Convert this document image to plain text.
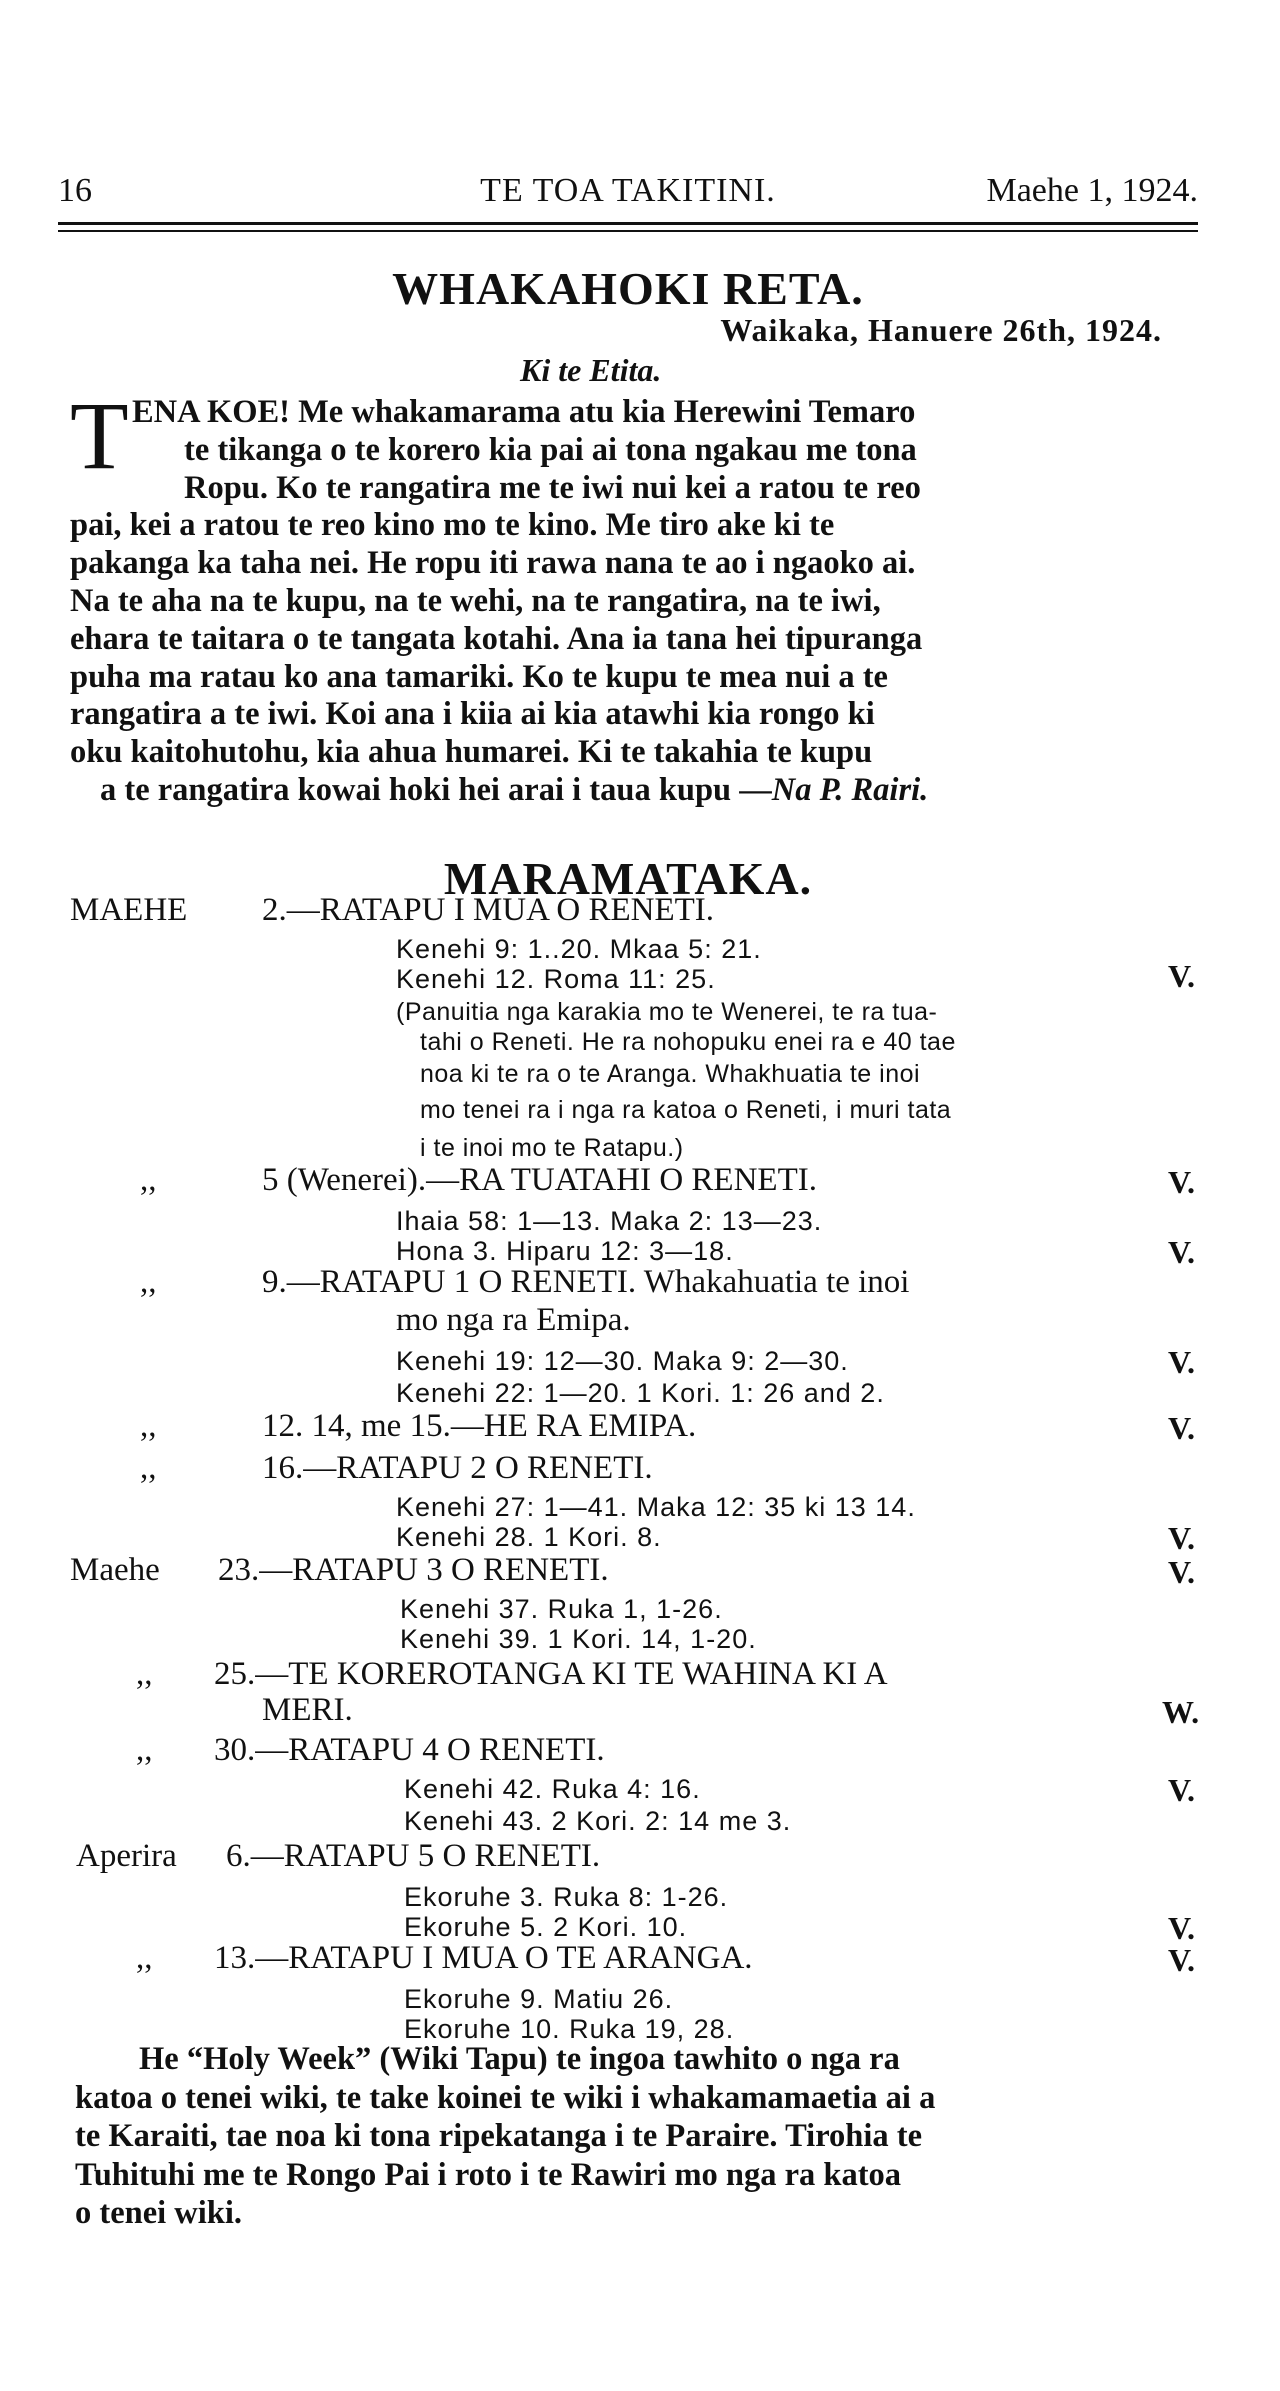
16	TE TOA TAKITINI.	Maehe 1, 1924.
WHAKAHOKI RETA.
Waikaka, Hanuere 26th, 1924.
Ki te Etita.
T ENA KOE! Me whakamarama atu kia Herewini Temaro
te tikanga o te korero kia pai ai tona ngakau me tona
Ropu. Ko te rangatira me te iwi nui kei a ratou te reo
pai, kei a ratou te reo kino mo te kino. Me tiro ake ki te
pakanga ka taha nei. He ropu iti rawa nana te ao i ngaoko ai.
Na te aha na te kupu, na te wehi, na te rangatira, na te iwi,
ehara te taitara o te tangata kotahi. Ana ia tana hei tipuranga
puha ma ratau ko ana tamariki. Ko te kupu te mea nui a te
rangatira a te iwi. Koi ana i kiia ai kia atawhi kia rongo ki
oku kaitohutohu, kia ahua humarei. Ki te takahia te kupu
a te rangatira kowai hoki hei arai i taua kupu —Na P. Rairi.
MARAMATAKA.
MAEHE 2.—RATAPU I MUA O RENETI.
Kenehi 9: 1..20. Mkaa 5: 21.
Kenehi 12. Roma 11: 25.	V.
(Panuitia nga karakia mo te Wenerei, te ra tua-
tahi o Reneti. He ra nohopuku enei ra e 40 tae
noa ki te ra o te Aranga. Whakhuatia te inoi
mo tenei ra i nga ra katoa o Reneti, i muri tata
i te inoi mo te Ratapu.)
,,	5 (Wenerei).—RA TUATAHI O RENETI.	V.
Ihaia 58: 1—13. Maka 2: 13—23.
Hona 3. Hiparu 12: 3—18.	V.
,,	9.—RATAPU 1 O RENETI. Whakahuatia te inoi
mo nga ra Emipa.
Kenehi 19: 12—30. Maka 9: 2—30.	V.
Kenehi 22: 1—20. 1 Kori. 1: 26 and 2.
,,	12. 14, me 15.—HE RA EMIPA.	V.
,,	16.—RATAPU 2 O RENETI.
Kenehi 27: 1—41. Maka 12: 35 ki 13 14.
Kenehi 28. 1 Kori. 8.	V.
Maehe 23.—RATAPU 3 O RENETI.	V.
Kenehi 37. Ruka 1, 1-26.
Kenehi 39. 1 Kori. 14, 1-20.
,, 25.—TE KOREROTANGA KI TE WAHINA KI A
MERI.	W.
,, 30.—RATAPU 4 O RENETI.
Kenehi 42. Ruka 4: 16.	V.
Kenehi 43. 2 Kori. 2: 14 me 3.
Aperira 6.—RATAPU 5 O RENETI.
Ekoruhe 3. Ruka 8: 1-26.
Ekoruhe 5. 2 Kori. 10.	V.
,, 13.—RATAPU I MUA O TE ARANGA.	V.
Ekoruhe 9. Matiu 26.
Ekoruhe 10. Ruka 19, 28.
He “Holy Week” (Wiki Tapu) te ingoa tawhito o nga ra
katoa o tenei wiki, te take koinei te wiki i whakamamaetia ai a
te Karaiti, tae noa ki tona ripekatanga i te Paraire. Tirohia te
Tuhituhi me te Rongo Pai i roto i te Rawiri mo nga ra katoa
o tenei wiki.
